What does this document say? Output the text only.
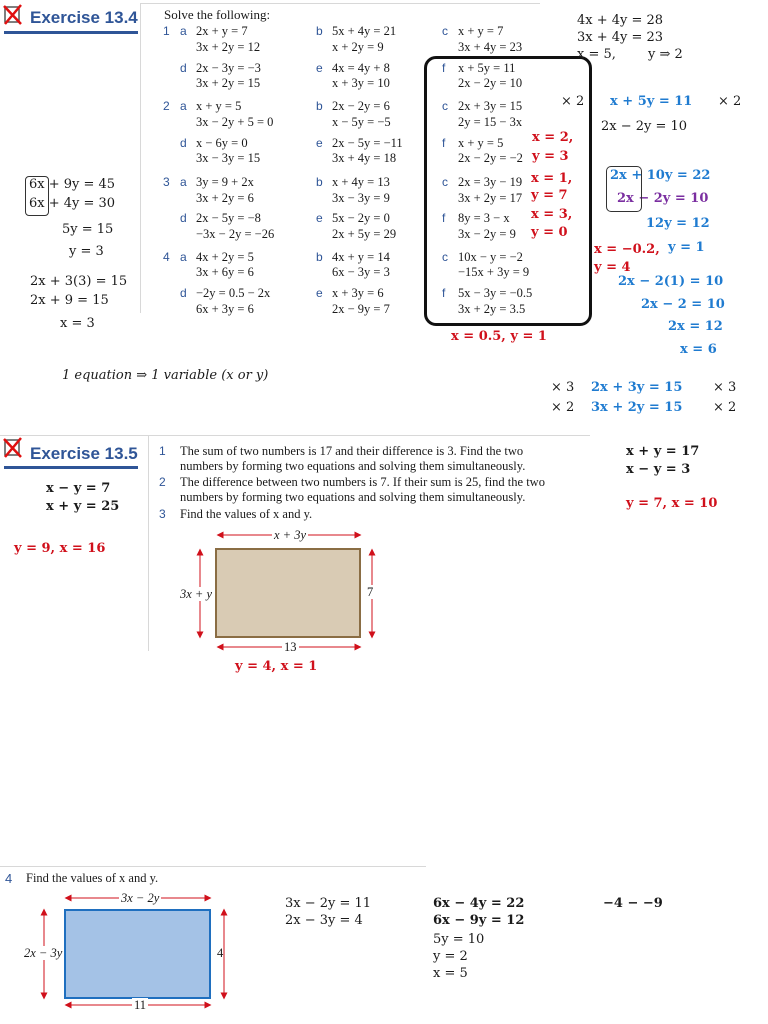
Exercise 13.4 Solve the following:
1 a 2x + y = 7
3x + 2y = 12
b 5x + 4y = 21
x + 2y = 9
c x + y = 7
3x + 4y = 23
d 2x − 3y = −3
3x + 2y = 15
e 4x = 4y + 8
x + 3y = 10
f x + 5y = 11
2x − 2y = 10
2 a x + y = 5
3x − 2y + 5 = 0
b 2x − 2y = 6
x − 5y = −5
c 2x + 3y = 15
2y = 15 − 3x
d x − 6y = 0
3x − 3y = 15
e 2x − 5y = −11
3x + 4y = 18
f x + y = 5
2x − 2y = −2
3 a 3y = 9 + 2x
3x + 2y = 6
b x + 4y = 13
3x − 3y = 9
c 2x = 3y − 19
3x + 2y = 17
d 2x − 5y = −8
−3x − 2y = −26
e 5x − 2y = 0
2x + 5y = 29
f 8y = 3 − x
3x − 2y = 9
4 a 4x + 2y = 5
3x + 6y = 6
b 4x + y = 14
6x − 3y = 3
c 10x − y = −2
−15x + 3y = 9
d −2y = 0.5 − 2x
6x + 3y = 6
e x + 3y = 6
2x − 9y = 7
f 5x − 3y = −0.5
3x + 2y = 3.5
x = 2,
y = 3
x = 1,
y = 7
x = 3,
y = 0
x = −0.2,
y = 4
x = 0.5, y = 1
4x + 4y = 28
3x + 4y = 23
x = 5, y ⇒ 2
× 2 x + 5y = 11 × 2
2x − 2y = 10
2x + 10y = 22
2x − 2y = 10
12y = 12
y = 1
2x − 2(1) = 10
2x − 2 = 10
2x = 12
x = 6
6x + 9y = 45
6x + 4y = 30
5y = 15
y = 3
2x + 3(3) = 15
2x + 9 = 15
x = 3
1 equation ⇒ 1 variable (x or y)
× 3 2x + 3y = 15 × 3
× 2 3x + 2y = 15 × 2
Exercise 13.5 1 The sum of two numbers is 17 and their difference is 3. Find the two
numbers by forming two equations and solving them simultaneously.
2 The difference between two numbers is 7. If their sum is 25, find the two
numbers by forming two equations and solving them simultaneously.
3 Find the values of x and y.
x + 3y
3x + y	7
13
x − y = 7
x + y = 25
y = 9, x = 16
x + y = 17
x − y = 3
y = 7, x = 10
y = 4, x = 1
4 Find the values of x and y.
3x − 2y
2x − 3y	4
11
3x − 2y = 11
2x − 3y = 4
6x − 4y = 22
6x − 9y = 12
5y = 10
y = 2
x = 5
−4 − −9
